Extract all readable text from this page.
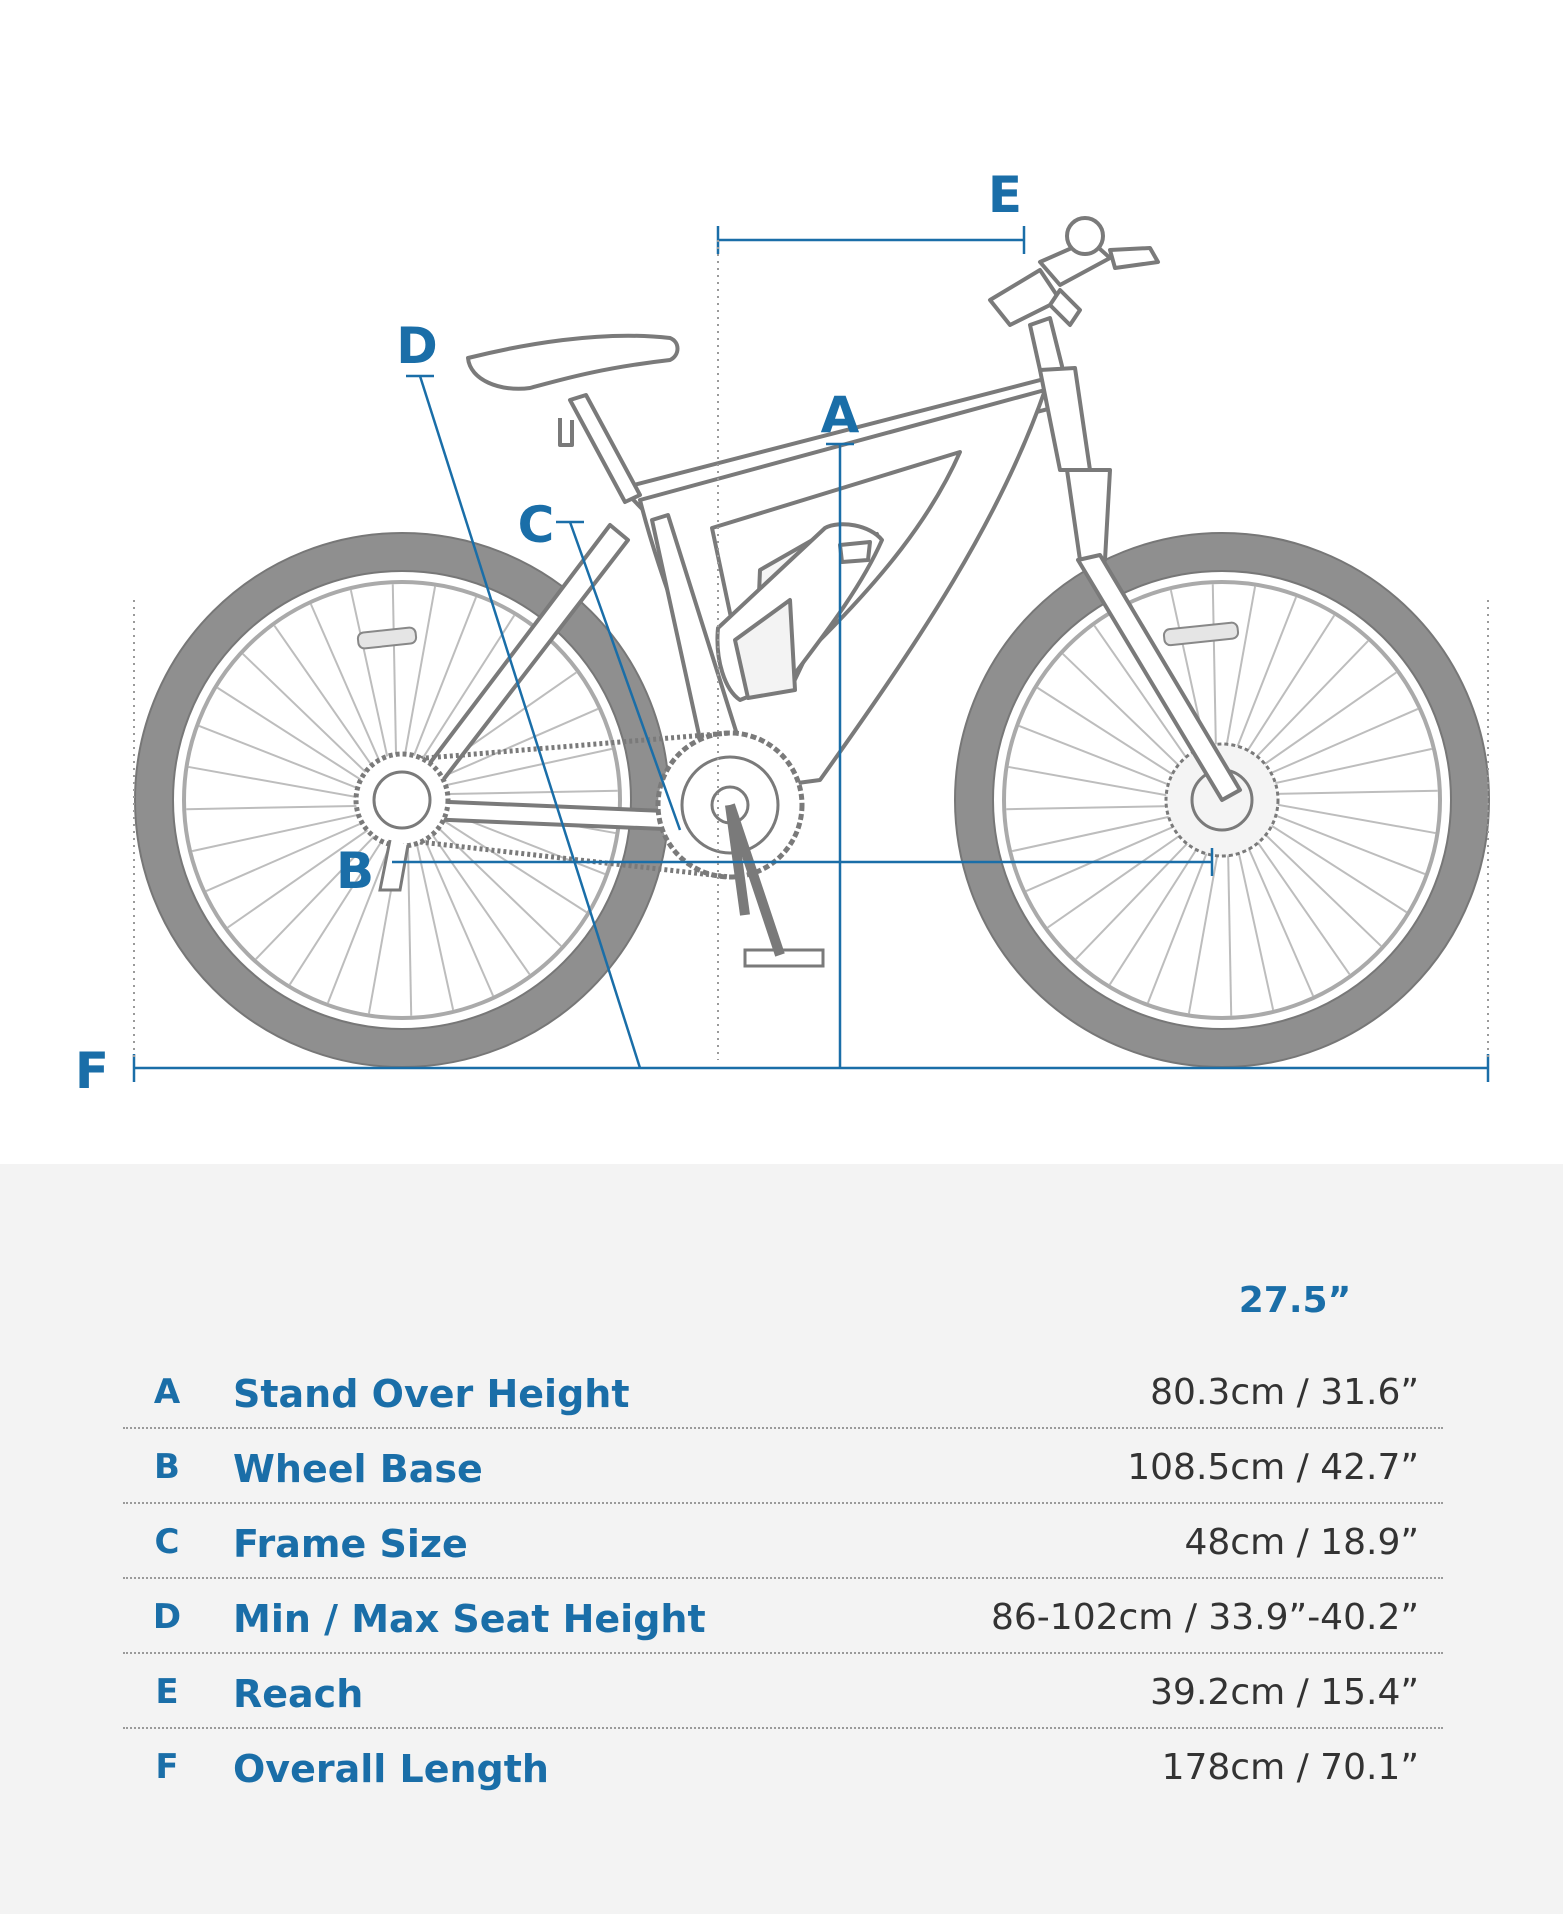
E
D
A
C
B
F
27.5”
A Stand Over Height	80.3cm / 31.6”
B Wheel Base	108.5cm / 42.7”
C Frame Size	48cm / 18.9”
D Min / Max Seat Height	86-102cm / 33.9”-40.2”
E Reach	39.2cm / 15.4”
F Overall Length	178cm / 70.1”
